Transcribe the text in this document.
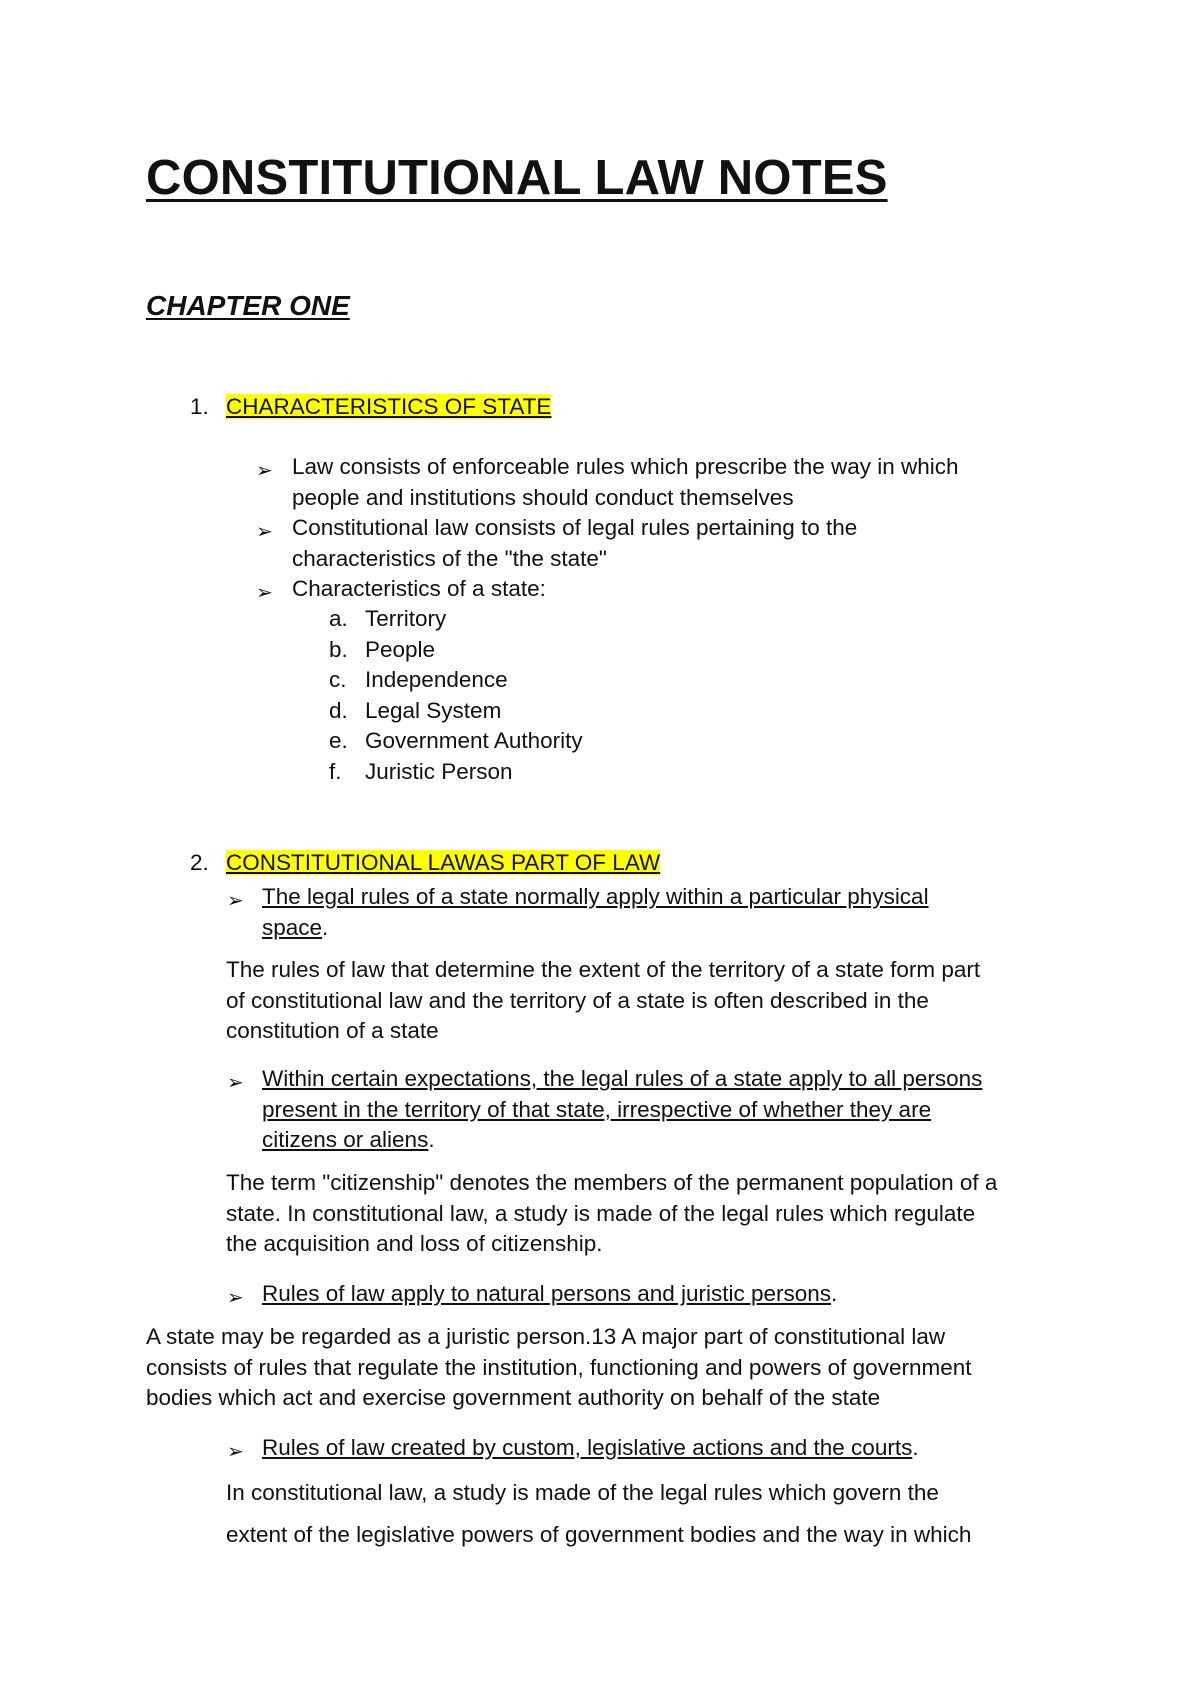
CONSTITUTIONAL LAW NOTES
CHAPTER ONE
1. CHARACTERISTICS OF STATE
➢ Law consists of enforceable rules which prescribe the way in which
people and institutions should conduct themselves
➢ Constitutional law consists of legal rules pertaining to the
characteristics of the "the state"
➢ Characteristics of a state:
a. Territory
b. People
c. Independence
d. Legal System
e. Government Authority
f. Juristic Person
2. CONSTITUTIONAL LAWAS PART OF LAW
➢ The legal rules of a state normally apply within a particular physical
space.
The rules of law that determine the extent of the territory of a state form part
of constitutional law and the territory of a state is often described in the
constitution of a state
➢ Within certain expectations, the legal rules of a state apply to all persons
present in the territory of that state, irrespective of whether they are
citizens or aliens.
The term "citizenship" denotes the members of the permanent population of a
state. In constitutional law, a study is made of the legal rules which regulate
the acquisition and loss of citizenship.
➢ Rules of law apply to natural persons and juristic persons.
A state may be regarded as a juristic person.13 A major part of constitutional law
consists of rules that regulate the institution, functioning and powers of government
bodies which act and exercise government authority on behalf of the state
➢ Rules of law created by custom, legislative actions and the courts.
In constitutional law, a study is made of the legal rules which govern the
extent of the legislative powers of government bodies and the way in which
